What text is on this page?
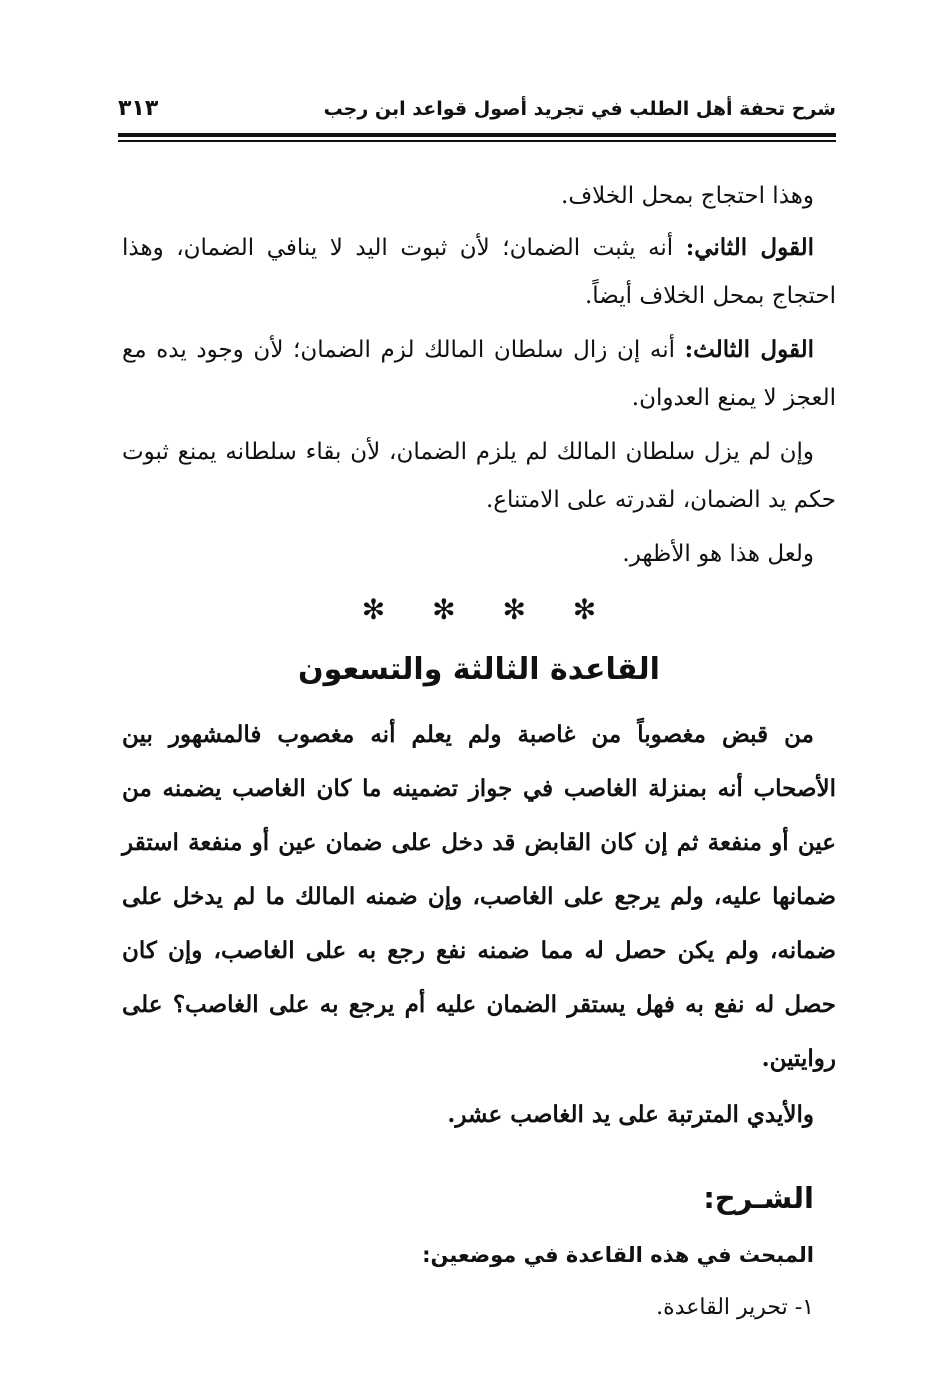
شرح تحفة أهل الطلب في تجريد أصول قواعد ابن رجب
٣١٣

وهذا احتجاج بمحل الخلاف.

القول الثاني: أنه يثبت الضمان؛ لأن ثبوت اليد لا ينافي الضمان، وهذا احتجاج بمحل الخلاف أيضاً.

القول الثالث: أنه إن زال سلطان المالك لزم الضمان؛ لأن وجود يده مع العجز لا يمنع العدوان.

وإن لم يزل سلطان المالك لم يلزم الضمان، لأن بقاء سلطانه يمنع ثبوت حكم يد الضمان، لقدرته على الامتناع.

ولعل هذا هو الأظهر.

✻ ✻ ✻ ✻
القاعدة الثالثة والتسعون

من قبض مغصوباً من غاصبة ولم يعلم أنه مغصوب فالمشهور بين الأصحاب أنه بمنزلة الغاصب في جواز تضمينه ما كان الغاصب يضمنه من عين أو منفعة ثم إن كان القابض قد دخل على ضمان عين أو منفعة استقر ضمانها عليه، ولم يرجع على الغاصب، وإن ضمنه المالك ما لم يدخل على ضمانه، ولم يكن حصل له مما ضمنه نفع رجع به على الغاصب، وإن كان حصل له نفع به فهل يستقر الضمان عليه أم يرجع به على الغاصب؟ على روايتين.

والأيدي المترتبة على يد الغاصب عشر.

الشـرح:

المبحث في هذه القاعدة في موضعين:

١- تحرير القاعدة.
